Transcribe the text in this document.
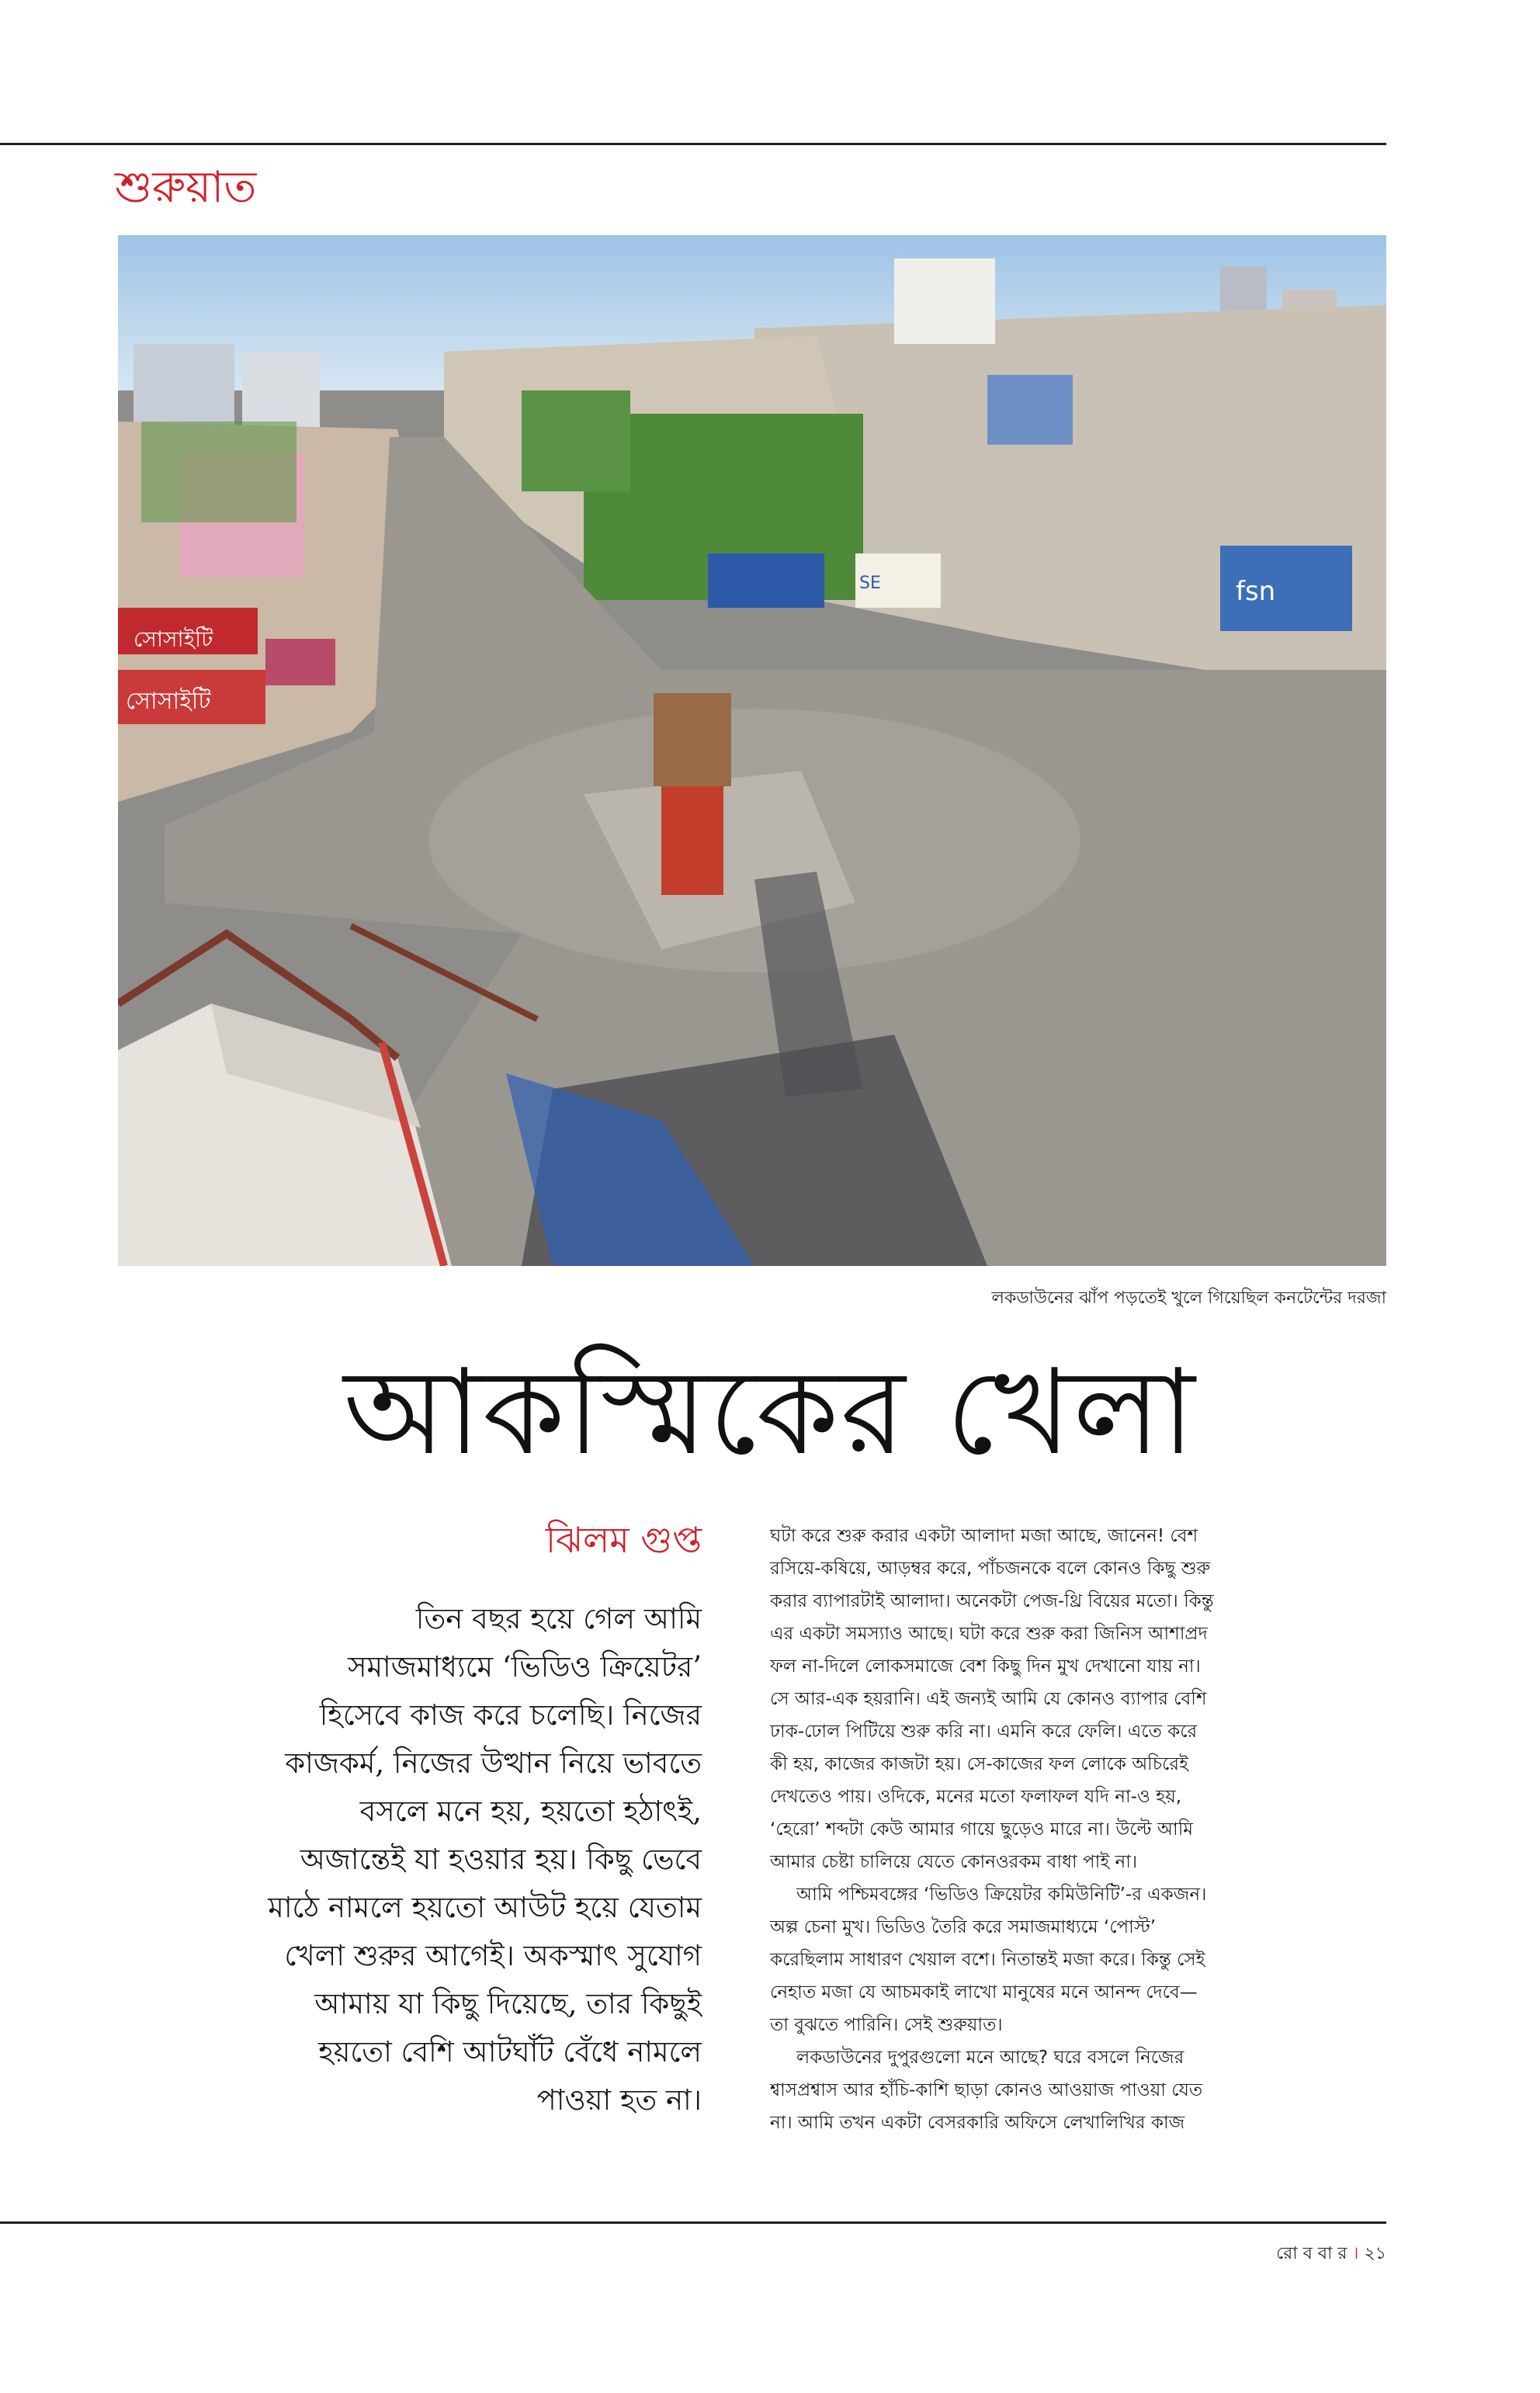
শুরুয়াত
সোসাইটি
সোসাইটি
SE	fsn
লকডাউনের ঝাঁপ পড়তেই খুলে গিয়েছিল কনটেন্টের দরজা
আকস্মিকের খেলা
ঝিলম গুপ্ত
তিন বছর হয়ে গেল আমি
সমাজমাধ্যমে ‘ভিডিও ক্রিয়েটর’
হিসেবে কাজ করে চলেছি। নিজের
কাজকর্ম, নিজের উত্থান নিয়ে ভাবতে
বসলে মনে হয়, হয়তো হঠাৎই,
অজান্তেই যা হওয়ার হয়। কিছু ভেবে
মাঠে নামলে হয়তো আউট হয়ে যেতাম
খেলা শুরুর আগেই। অকস্মাৎ সুযোগ
আমায় যা কিছু দিয়েছে, তার কিছুই
হয়তো বেশি আটঘাঁট বেঁধে নামলে
পাওয়া হত না।
ঘটা করে শুরু করার একটা আলাদা মজা আছে, জানেন! বেশ
রসিয়ে-কষিয়ে, আড়ম্বর করে, পাঁচজনকে বলে কোনও কিছু শুরু
করার ব্যাপারটাই আলাদা। অনেকটা পেজ-থ্রি বিয়ের মতো। কিন্তু
এর একটা সমস্যাও আছে। ঘটা করে শুরু করা জিনিস আশাপ্রদ
ফল না-দিলে লোকসমাজে বেশ কিছু দিন মুখ দেখানো যায় না।
সে আর-এক হয়রানি। এই জন্যই আমি যে কোনও ব্যাপার বেশি
ঢাক-ঢোল পিটিয়ে শুরু করি না। এমনি করে ফেলি। এতে করে
কী হয়, কাজের কাজটা হয়। সে-কাজের ফল লোকে অচিরেই
দেখতেও পায়। ওদিকে, মনের মতো ফলাফল যদি না-ও হয়,
‘হেরো’ শব্দটা কেউ আমার গায়ে ছুড়েও মারে না। উল্টে আমি
আমার চেষ্টা চালিয়ে যেতে কোনওরকম বাধা পাই না।
আমি পশ্চিমবঙ্গের ‘ভিডিও ক্রিয়েটর কমিউনিটি’-র একজন।
অল্প চেনা মুখ। ভিডিও তৈরি করে সমাজমাধ্যমে ‘পোস্ট’
করেছিলাম সাধারণ খেয়াল বশে। নিতান্তই মজা করে। কিন্তু সেই
নেহাত মজা যে আচমকাই লাখো মানুষের মনে আনন্দ দেবে—
তা বুঝতে পারিনি। সেই শুরুয়াত।
লকডাউনের দুপুরগুলো মনে আছে? ঘরে বসলে নিজের
শ্বাসপ্রশ্বাস আর হাঁচি-কাশি ছাড়া কোনও আওয়াজ পাওয়া যেত
না। আমি তখন একটা বেসরকারি অফিসে লেখালিখির কাজ
রো ব বা র । ২১
